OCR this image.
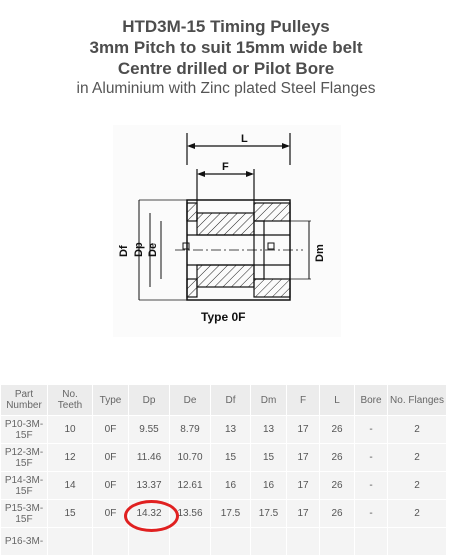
HTD3M-15 Timing Pulleys
3mm Pitch to suit 15mm wide belt
Centre drilled or Pilot Bore
in Aluminium with Zinc plated Steel Flanges
L
F
Df Dp De	Dm
Type 0F
Part Number	No. Teeth	Type	Dp	De	Df	Dm	F	L	Bore	No. Flanges
P10-3M-15F	10	0F	9.55	8.79	13	13	17	26	-	2
P12-3M-15F	12	0F	11.46	10.70	15	15	17	26	-	2
P14-3M-15F	14	0F	13.37	12.61	16	16	17	26	-	2
P15-3M-15F	15	0F	14.32	13.56	17.5	17.5	17	26	-	2
P16-3M-										
